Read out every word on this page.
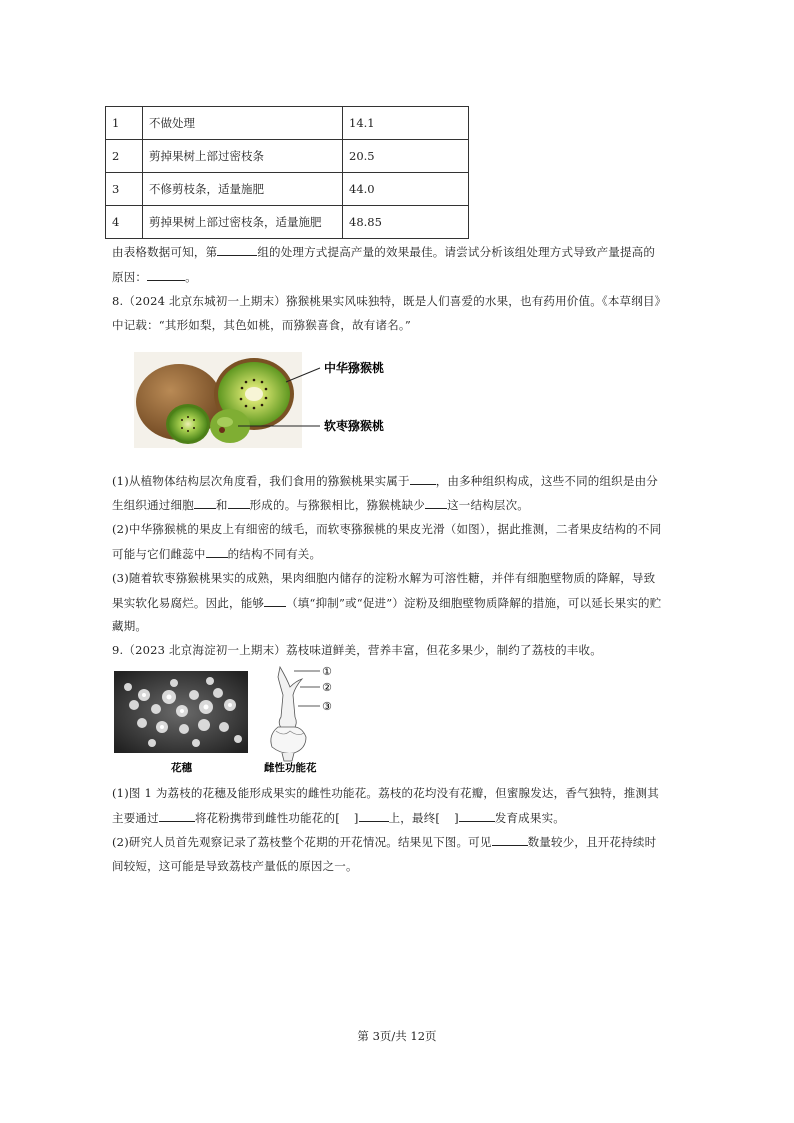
1	不做处理	14.1
2	剪掉果树上部过密枝条	20.5
3	不修剪枝条，适量施肥	44.0
4	剪掉果树上部过密枝条，适量施肥	48.85

由表格数据可知，第	组的处理方式提高产量的效果最佳。请尝试分析该组处理方式导致产量提高的

原因：	。

8.（2024 北京东城初一上期末）猕猴桃果实风味独特，既是人们喜爱的水果，也有药用价值。《本草纲目》

中记载：“其形如梨，其色如桃，而猕猴喜食，故有诸名。”

中华猕猴桃
软枣猕猴桃

(1)从植物体结构层次角度看，我们食用的猕猴桃果实属于 ，由多种组织构成，这些不同的组织是由分

生组织通过细胞 和 形成的。与猕猴相比，猕猴桃缺少 这一结构层次。

(2)中华猕猴桃的果皮上有细密的绒毛，而软枣猕猴桃的果皮光滑（如图），据此推测，二者果皮结构的不同

可能与它们雌蕊中 的结构不同有关。

(3)随着软枣猕猴桃果实的成熟，果肉细胞内储存的淀粉水解为可溶性糖，并伴有细胞壁物质的降解，导致

果实软化易腐烂。因此，能够 （填“抑制”或“促进”）淀粉及细胞壁物质降解的措施，可以延长果实的贮

藏期。

9.（2023 北京海淀初一上期末）荔枝味道鲜美，营养丰富，但花多果少，制约了荔枝的丰收。

花穗
①
②
③
雌性功能花

(1)图 1 为荔枝的花穗及能形成果实的雌性功能花。荔枝的花均没有花瓣，但蜜腺发达，香气独特，推测其

主要通过	将花粉携带到雌性功能花的[ ]	上，最终[ ]	发育成果实。

(2)研究人员首先观察记录了荔枝整个花期的开花情况。结果见下图。可见	数量较少，且开花持续时

间较短，这可能是导致荔枝产量低的原因之一。

第 3页/共 12页
